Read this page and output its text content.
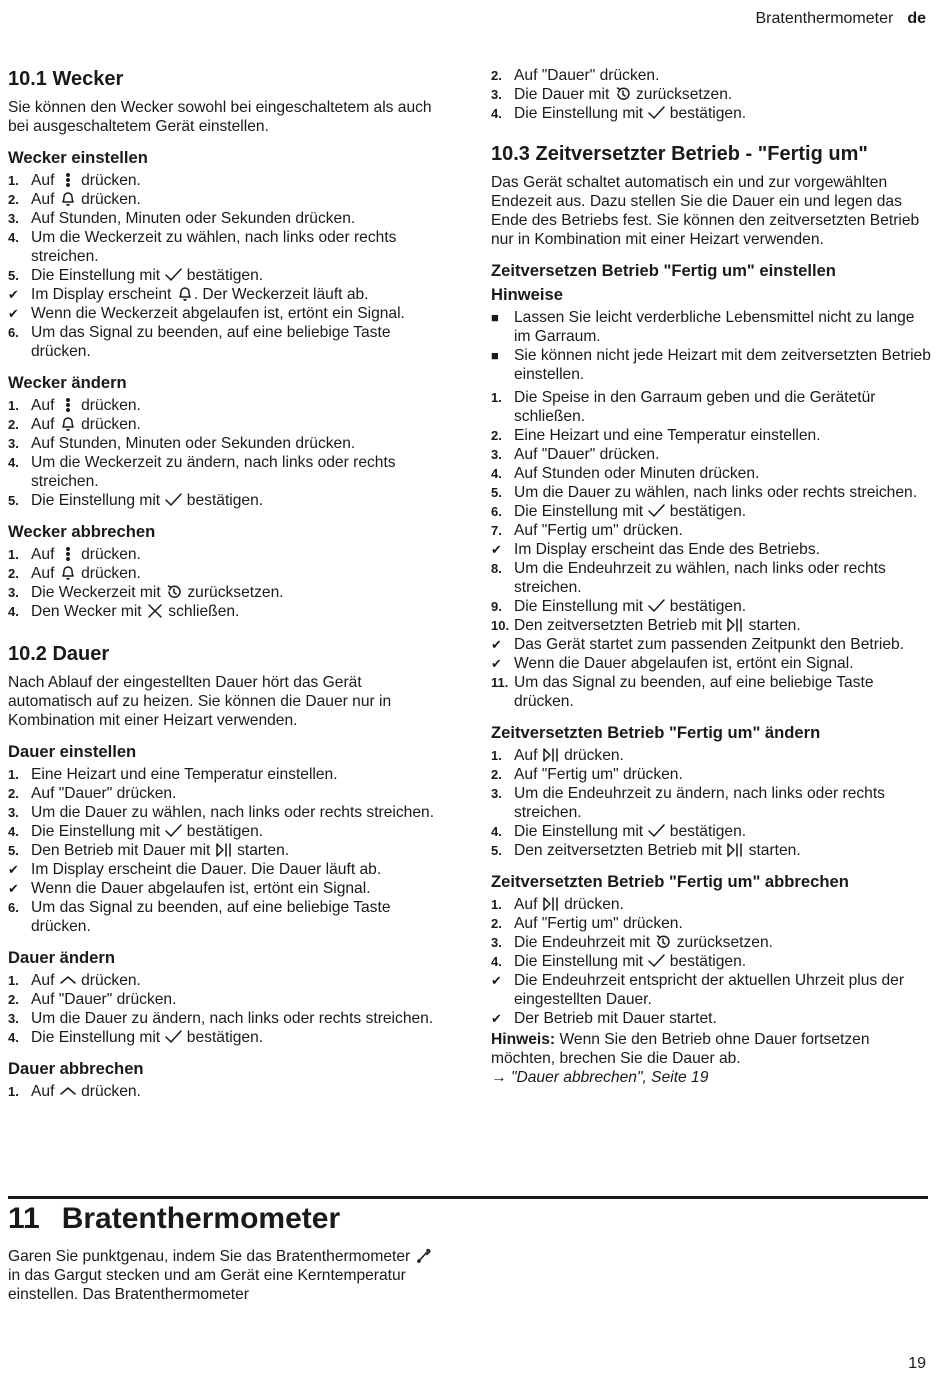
Bratenthermometer de
10.1 Wecker

Sie können den Wecker sowohl bei eingeschaltetem als auch bei ausgeschaltetem Gerät einstellen.

Wecker einstellen
1. Auf  drücken.
2. Auf  drücken.
3. Auf Stunden, Minuten oder Sekunden drücken.
4. Um die Weckerzeit zu wählen, nach links oder rechts streichen.
5. Die Einstellung mit  bestätigen.
✔ Im Display erscheint . Der Weckerzeit läuft ab.
✔ Wenn die Weckerzeit abgelaufen ist, ertönt ein Signal.
6. Um das Signal zu beenden, auf eine beliebige Taste drücken.
Wecker ändern
1. Auf  drücken.
2. Auf  drücken.
3. Auf Stunden, Minuten oder Sekunden drücken.
4. Um die Weckerzeit zu ändern, nach links oder rechts streichen.
5. Die Einstellung mit  bestätigen.
Wecker abbrechen
1. Auf  drücken.
2. Auf  drücken.
3. Die Weckerzeit mit  zurücksetzen.
4. Den Wecker mit  schließen.
10.2 Dauer

Nach Ablauf der eingestellten Dauer hört das Gerät automatisch auf zu heizen. Sie können die Dauer nur in Kombination mit einer Heizart verwenden.

Dauer einstellen
1. Eine Heizart und eine Temperatur einstellen.
2. Auf "Dauer" drücken.
3. Um die Dauer zu wählen, nach links oder rechts streichen.
4. Die Einstellung mit  bestätigen.
5. Den Betrieb mit Dauer mit  starten.
✔ Im Display erscheint die Dauer. Die Dauer läuft ab.
✔ Wenn die Dauer abgelaufen ist, ertönt ein Signal.
6. Um das Signal zu beenden, auf eine beliebige Taste drücken.
Dauer ändern
1. Auf  drücken.
2. Auf "Dauer" drücken.
3. Um die Dauer zu ändern, nach links oder rechts streichen.
4. Die Einstellung mit  bestätigen.
Dauer abbrechen
1. Auf  drücken.
2. Auf "Dauer" drücken.
3. Die Dauer mit  zurücksetzen.
4. Die Einstellung mit  bestätigen.
10.3 Zeitversetzter Betrieb - "Fertig um"

Das Gerät schaltet automatisch ein und zur vorgewählten Endezeit aus. Dazu stellen Sie die Dauer ein und legen das Ende des Betriebs fest. Sie können den zeitversetzten Betrieb nur in Kombination mit einer Heizart verwenden.

Zeitversetzen Betrieb "Fertig um" einstellen
Hinweise
■ Lassen Sie leicht verderbliche Lebensmittel nicht zu lange im Garraum.
■ Sie können nicht jede Heizart mit dem zeitversetzten Betrieb einstellen.
1. Die Speise in den Garraum geben und die Gerätetür schließen.
2. Eine Heizart und eine Temperatur einstellen.
3. Auf "Dauer" drücken.
4. Auf Stunden oder Minuten drücken.
5. Um die Dauer zu wählen, nach links oder rechts streichen.
6. Die Einstellung mit  bestätigen.
7. Auf "Fertig um" drücken.
✔ Im Display erscheint das Ende des Betriebs.
8. Um die Endeuhrzeit zu wählen, nach links oder rechts streichen.
9. Die Einstellung mit  bestätigen.
10. Den zeitversetzten Betrieb mit  starten.
✔ Das Gerät startet zum passenden Zeitpunkt den Betrieb.
✔ Wenn die Dauer abgelaufen ist, ertönt ein Signal.
11. Um das Signal zu beenden, auf eine beliebige Taste drücken.
Zeitversetzten Betrieb "Fertig um" ändern
1. Auf  drücken.
2. Auf "Fertig um" drücken.
3. Um die Endeuhrzeit zu ändern, nach links oder rechts streichen.
4. Die Einstellung mit  bestätigen.
5. Den zeitversetzten Betrieb mit  starten.
Zeitversetzten Betrieb "Fertig um" abbrechen
1. Auf  drücken.
2. Auf "Fertig um" drücken.
3. Die Endeuhrzeit mit  zurücksetzen.
4. Die Einstellung mit  bestätigen.
✔ Die Endeuhrzeit entspricht der aktuellen Uhrzeit plus der eingestellten Dauer.
✔ Der Betrieb mit Dauer startet.

Hinweis: Wenn Sie den Betrieb ohne Dauer fortsetzen möchten, brechen Sie die Dauer ab.

→ "Dauer abbrechen", Seite 19

11 Bratenthermometer

Garen Sie punktgenau, indem Sie das Bratenthermometer  in das Gargut stecken und am Gerät eine Kerntemperatur einstellen. Das Bratenthermometer

19
